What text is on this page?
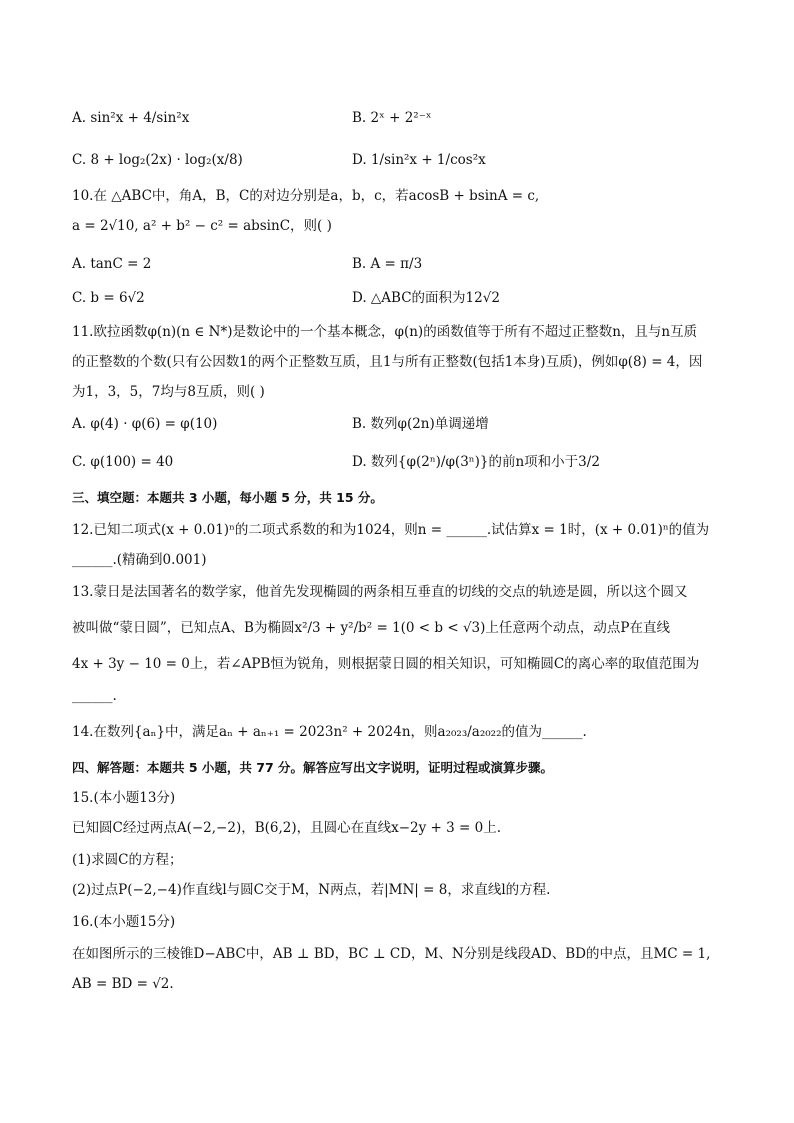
A. sin²x + 4/sin²x	B. 2ˣ + 2²⁻ˣ
C. 8 + log₂(2x) · log₂(x/8)	D. 1/sin²x + 1/cos²x
10.在 △ABC中，角A，B，C的对边分别是a，b，c，若acosB + bsinA = c,
a = 2√10, a² + b² − c² = absinC，则( )
A. tanC = 2	B. A = π/3
C. b = 6√2	D. △ABC的面积为12√2
11.欧拉函数φ(n)(n ∈ N*)是数论中的一个基本概念，φ(n)的函数值等于所有不超过正整数n，且与n互质
的正整数的个数(只有公因数1的两个正整数互质，且1与所有正整数(包括1本身)互质)，例如φ(8) = 4，因
为1，3，5，7均与8互质，则( )
A. φ(4) · φ(6) = φ(10)	B. 数列φ(2n)单调递增
C. φ(100) = 40	D. 数列{φ(2ⁿ)/φ(3ⁿ)}的前n项和小于3/2
三、填空题：本题共 3 小题，每小题 5 分，共 15 分。
12.已知二项式(x + 0.01)ⁿ的二项式系数的和为1024，则n = ______.试估算x = 1时，(x + 0.01)ⁿ的值为
______.(精确到0.001)
13.蒙日是法国著名的数学家，他首先发现椭圆的两条相互垂直的切线的交点的轨迹是圆，所以这个圆又
被叫做“蒙日圆”，已知点A、B为椭圆x²/3 + y²/b² = 1(0 < b < √3)上任意两个动点，动点P在直线
4x + 3y − 10 = 0上，若∠APB恒为锐角，则根据蒙日圆的相关知识，可知椭圆C的离心率的取值范围为
______.
14.在数列{aₙ}中，满足aₙ + aₙ₊₁ = 2023n² + 2024n，则a₂₀₂₃/a₂₀₂₂的值为______.
四、解答题：本题共 5 小题，共 77 分。解答应写出文字说明，证明过程或演算步骤。
15.(本小题13分)
已知圆C经过两点A(−2,−2)，B(6,2)，且圆心在直线x−2y + 3 = 0上.
(1)求圆C的方程；
(2)过点P(−2,−4)作直线l与圆C交于M，N两点，若|MN| = 8，求直线l的方程.
16.(本小题15分)
在如图所示的三棱锥D−ABC中，AB ⊥ BD，BC ⊥ CD，M、N分别是线段AD、BD的中点，且MC = 1,
AB = BD = √2.
